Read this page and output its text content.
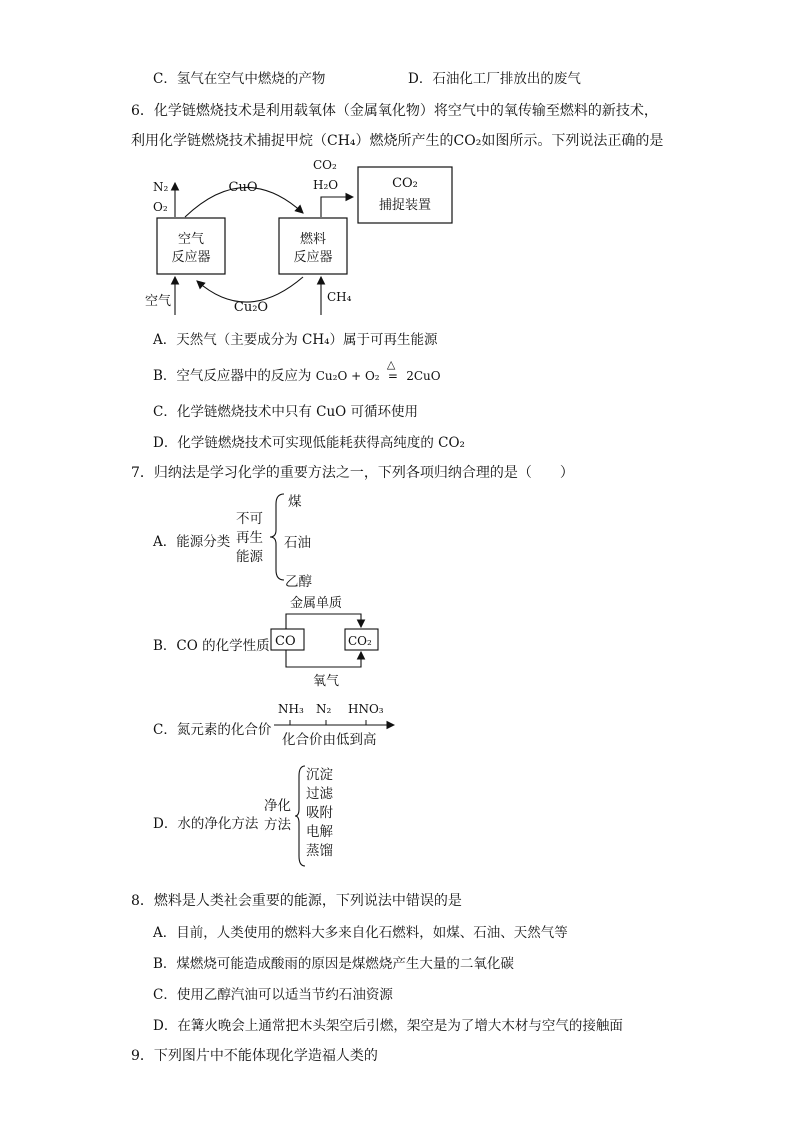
C．氢气在空气中燃烧的产物	D．石油化工厂排放出的废气
6．化学链燃烧技术是利用载氧体（金属氧化物）将空气中的氧传输至燃料的新技术，
利用化学链燃烧技术捕捉甲烷（CH₄）燃烧所产生的CO₂如图所示。下列说法正确的是
空气
反应器
燃料
反应器
CO₂
捕捉装置
CuO
Cu₂O
N₂
O₂
CO₂
H₂O
空气	CH₄
A．天然气（主要成分为 CH₄）属于可再生能源
B．空气反应器中的反应为 Cu₂O + O₂
△
= 2CuO
C．化学链燃烧技术中只有 CuO 可循环使用
D．化学链燃烧技术可实现低能耗获得高纯度的 CO₂
7．归纳法是学习化学的重要方法之一，下列各项归纳合理的是（　　）
A．能源分类
不可
再生
能源
煤
石油
乙醇
B．CO 的化学性质
金属单质
CO	CO₂
氧气
C．氮元素的化合价
NH₃ N₂ HNO₃
化合价由低到高
D．水的净化方法
净化
方法
沉淀
过滤
吸附
电解
蒸馏
8．燃料是人类社会重要的能源，下列说法中错误的是
A．目前，人类使用的燃料大多来自化石燃料，如煤、石油、天然气等
B．煤燃烧可能造成酸雨的原因是煤燃烧产生大量的二氧化碳
C．使用乙醇汽油可以适当节约石油资源
D．在篝火晚会上通常把木头架空后引燃，架空是为了增大木材与空气的接触面
9．下列图片中不能体现化学造福人类的
